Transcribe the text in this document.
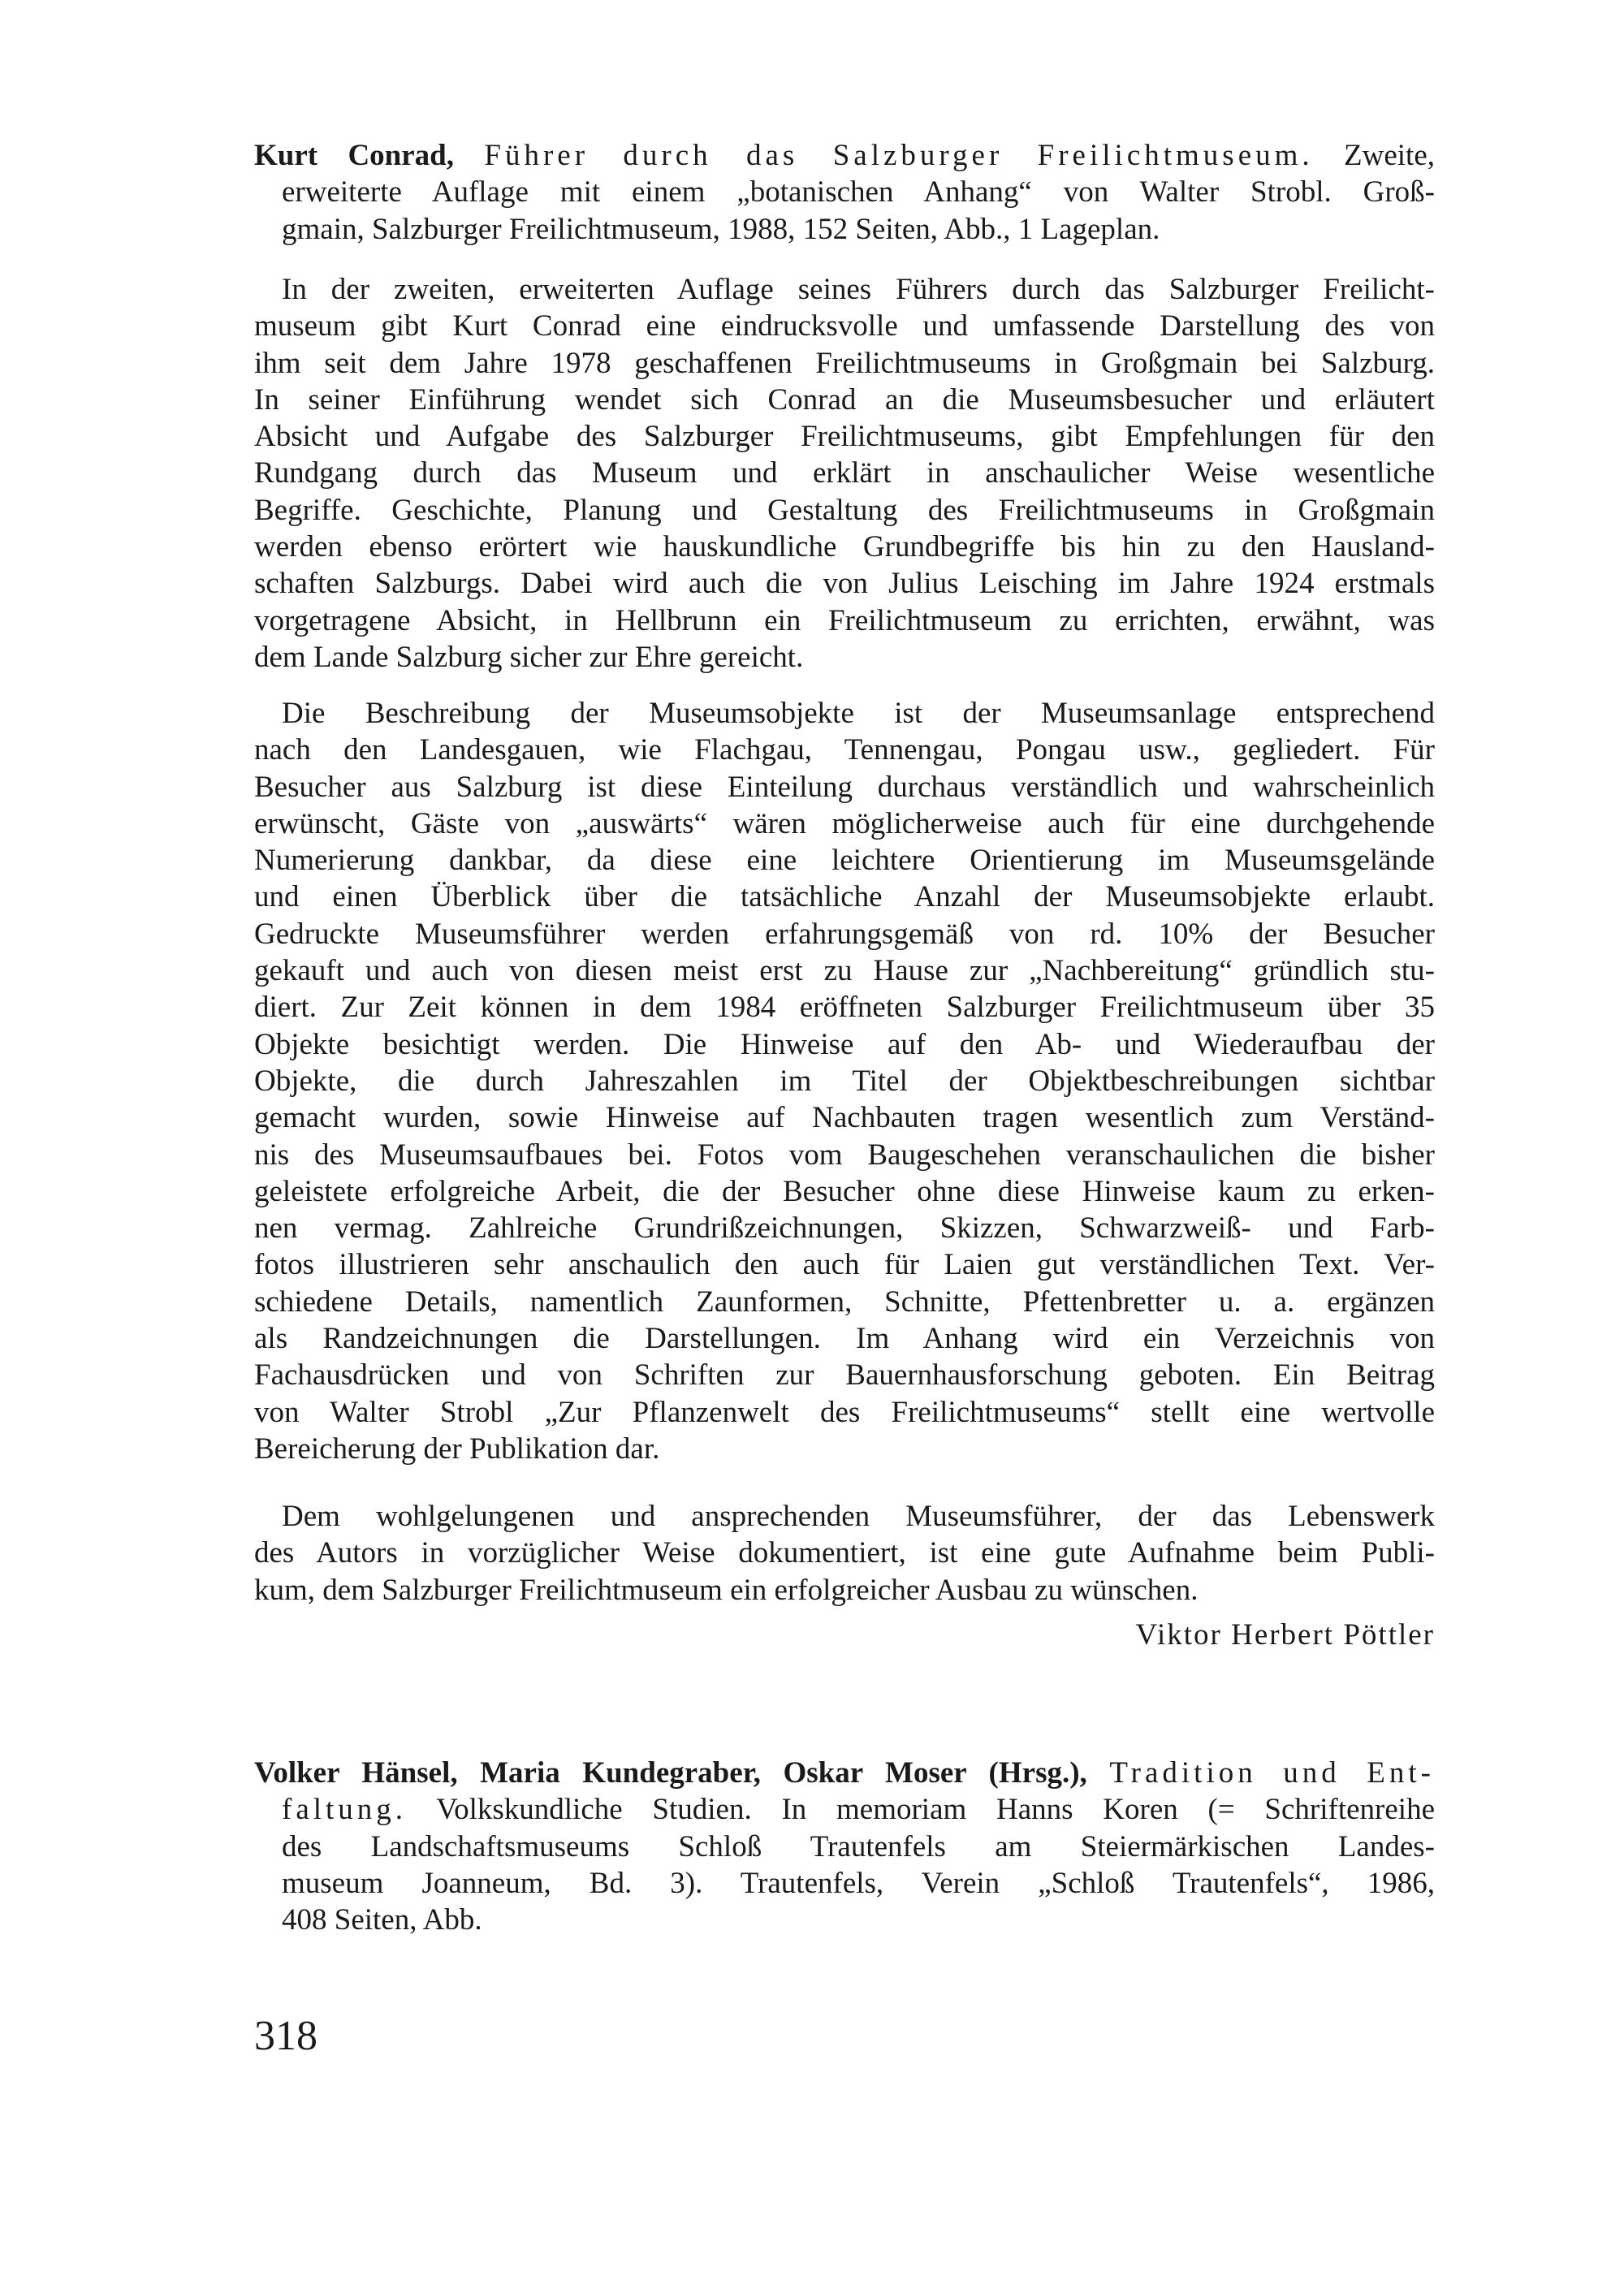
Kurt Conrad, Führer durch das Salzburger Freilichtmuseum. Zweite,
erweiterte Auflage mit einem „botanischen Anhang“ von Walter Strobl. Groß-
gmain, Salzburger Freilichtmuseum, 1988, 152 Seiten, Abb., 1 Lageplan.
In der zweiten, erweiterten Auflage seines Führers durch das Salzburger Freilicht-
museum gibt Kurt Conrad eine eindrucksvolle und umfassende Darstellung des von
ihm seit dem Jahre 1978 geschaffenen Freilichtmuseums in Großgmain bei Salzburg.
In seiner Einführung wendet sich Conrad an die Museumsbesucher und erläutert
Absicht und Aufgabe des Salzburger Freilichtmuseums, gibt Empfehlungen für den
Rundgang durch das Museum und erklärt in anschaulicher Weise wesentliche
Begriffe. Geschichte, Planung und Gestaltung des Freilichtmuseums in Großgmain
werden ebenso erörtert wie hauskundliche Grundbegriffe bis hin zu den Hausland-
schaften Salzburgs. Dabei wird auch die von Julius Leisching im Jahre 1924 erstmals
vorgetragene Absicht, in Hellbrunn ein Freilichtmuseum zu errichten, erwähnt, was
dem Lande Salzburg sicher zur Ehre gereicht.
Die Beschreibung der Museumsobjekte ist der Museumsanlage entsprechend
nach den Landesgauen, wie Flachgau, Tennengau, Pongau usw., gegliedert. Für
Besucher aus Salzburg ist diese Einteilung durchaus verständlich und wahrscheinlich
erwünscht, Gäste von „auswärts“ wären möglicherweise auch für eine durchgehende
Numerierung dankbar, da diese eine leichtere Orientierung im Museumsgelände
und einen Überblick über die tatsächliche Anzahl der Museumsobjekte erlaubt.
Gedruckte Museumsführer werden erfahrungsgemäß von rd. 10% der Besucher
gekauft und auch von diesen meist erst zu Hause zur „Nachbereitung“ gründlich stu-
diert. Zur Zeit können in dem 1984 eröffneten Salzburger Freilichtmuseum über 35
Objekte besichtigt werden. Die Hinweise auf den Ab- und Wiederaufbau der
Objekte, die durch Jahreszahlen im Titel der Objektbeschreibungen sichtbar
gemacht wurden, sowie Hinweise auf Nachbauten tragen wesentlich zum Verständ-
nis des Museumsaufbaues bei. Fotos vom Baugeschehen veranschaulichen die bisher
geleistete erfolgreiche Arbeit, die der Besucher ohne diese Hinweise kaum zu erken-
nen vermag. Zahlreiche Grundrißzeichnungen, Skizzen, Schwarzweiß- und Farb-
fotos illustrieren sehr anschaulich den auch für Laien gut verständlichen Text. Ver-
schiedene Details, namentlich Zaunformen, Schnitte, Pfettenbretter u. a. ergänzen
als Randzeichnungen die Darstellungen. Im Anhang wird ein Verzeichnis von
Fachausdrücken und von Schriften zur Bauernhausforschung geboten. Ein Beitrag
von Walter Strobl „Zur Pflanzenwelt des Freilichtmuseums“ stellt eine wertvolle
Bereicherung der Publikation dar.
Dem wohlgelungenen und ansprechenden Museumsführer, der das Lebenswerk
des Autors in vorzüglicher Weise dokumentiert, ist eine gute Aufnahme beim Publi-
kum, dem Salzburger Freilichtmuseum ein erfolgreicher Ausbau zu wünschen.
Viktor Herbert Pöttler
Volker Hänsel, Maria Kundegraber, Oskar Moser (Hrsg.), Tradition und Ent-
faltung. Volkskundliche Studien. In memoriam Hanns Koren (= Schriftenreihe
des Landschaftsmuseums Schloß Trautenfels am Steiermärkischen Landes-
museum Joanneum, Bd. 3). Trautenfels, Verein „Schloß Trautenfels“, 1986,
408 Seiten, Abb.
318
